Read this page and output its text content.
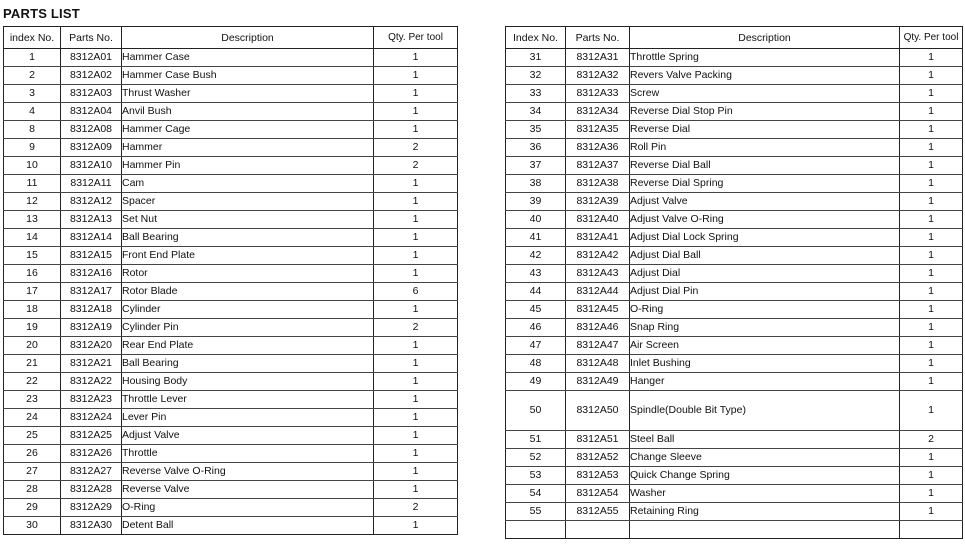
PARTS LIST
index No.	Parts No.	Description	Qty. Per tool

1	8312A01	Hammer Case	1
2	8312A02	Hammer Case Bush	1
3	8312A03	Thrust Washer	1
4	8312A04	Anvil Bush	1
8	8312A08	Hammer Cage	1
9	8312A09	Hammer	2
10	8312A10	Hammer Pin	2
11	8312A11	Cam	1
12	8312A12	Spacer	1
13	8312A13	Set Nut	1
14	8312A14	Ball Bearing	1
15	8312A15	Front End Plate	1
16	8312A16	Rotor	1
17	8312A17	Rotor Blade	6
18	8312A18	Cylinder	1
19	8312A19	Cylinder Pin	2
20	8312A20	Rear End Plate	1
21	8312A21	Ball Bearing	1
22	8312A22	Housing Body	1
23	8312A23	Throttle Lever	1
24	8312A24	Lever Pin	1
25	8312A25	Adjust Valve	1
26	8312A26	Throttle	1
27	8312A27	Reverse Valve O-Ring	1
28	8312A28	Reverse Valve	1
29	8312A29	O-Ring	2
30	8312A30	Detent Ball	1
Index No.	Parts No.	Description	Qty. Per tool

31	8312A31	Throttle Spring	1
32	8312A32	Revers Valve Packing	1
33	8312A33	Screw	1
34	8312A34	Reverse Dial Stop Pin	1
35	8312A35	Reverse Dial	1
36	8312A36	Roll Pin	1
37	8312A37	Reverse Dial Ball	1
38	8312A38	Reverse Dial Spring	1
39	8312A39	Adjust Valve	1
40	8312A40	Adjust Valve O-Ring	1
41	8312A41	Adjust Dial Lock Spring	1
42	8312A42	Adjust Dial Ball	1
43	8312A43	Adjust Dial	1
44	8312A44	Adjust Dial Pin	1
45	8312A45	O-Ring	1
46	8312A46	Snap Ring	1
47	8312A47	Air Screen	1
48	8312A48	Inlet Bushing	1
49	8312A49	Hanger	1
50	8312A50	Spindle(Double Bit Type)	1
51	8312A51	Steel Ball	2
52	8312A52	Change Sleeve	1
53	8312A53	Quick Change Spring	1
54	8312A54	Washer	1
55	8312A55	Retaining Ring	1
